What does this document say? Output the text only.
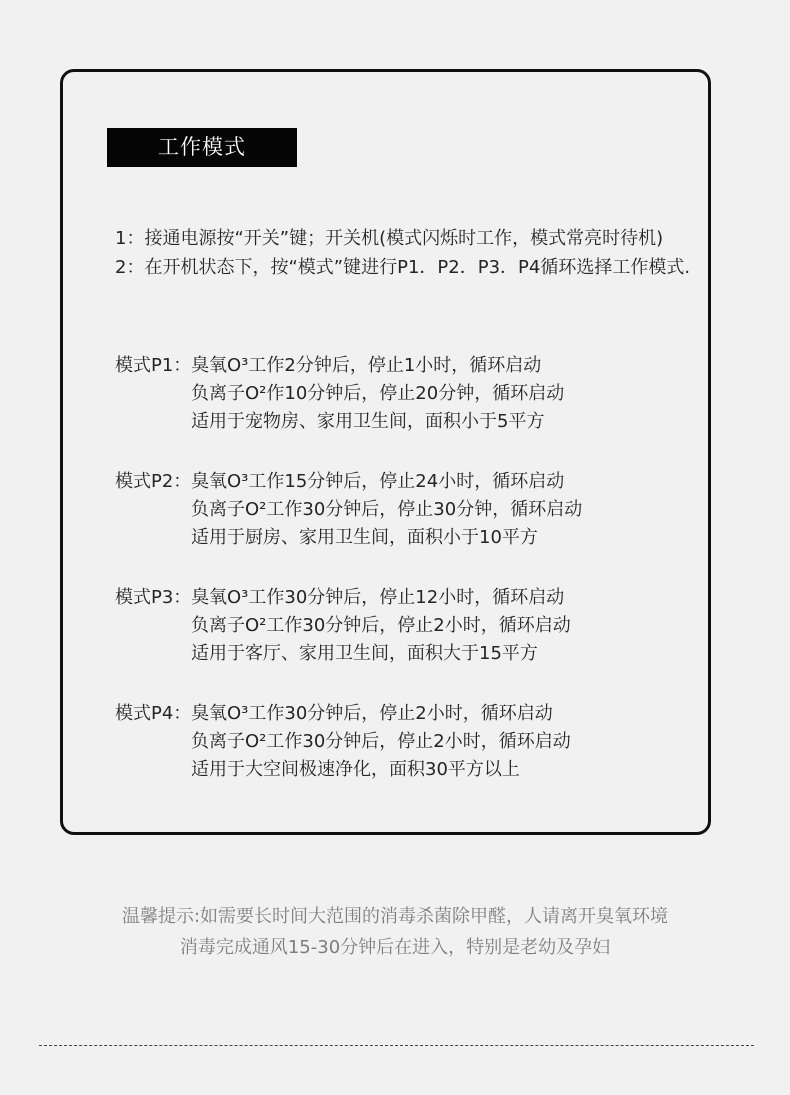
工作模式

1：接通电源按“开关”键；开关机(模式闪烁时工作，模式常亮时待机)

2：在开机状态下，按“模式”键进行P1．P2．P3．P4循环选择工作模式.

模式P1： 臭氧O³工作2分钟后，停止1小时，循环启动
负离子O²作10分钟后，停止20分钟，循环启动
适用于宠物房、家用卫生间，面积小于5平方
模式P2： 臭氧O³工作15分钟后，停止24小时，循环启动
负离子O²工作30分钟后，停止30分钟，循环启动
适用于厨房、家用卫生间，面积小于10平方
模式P3： 臭氧O³工作30分钟后，停止12小时，循环启动
负离子O²工作30分钟后，停止2小时，循环启动
适用于客厅、家用卫生间，面积大于15平方
模式P4： 臭氧O³工作30分钟后，停止2小时，循环启动
负离子O²工作30分钟后，停止2小时，循环启动
适用于大空间极速净化，面积30平方以上
温馨提示:如需要长时间大范围的消毒杀菌除甲醛，人请离开臭氧环境
消毒完成通风15-30分钟后在进入，特别是老幼及孕妇
